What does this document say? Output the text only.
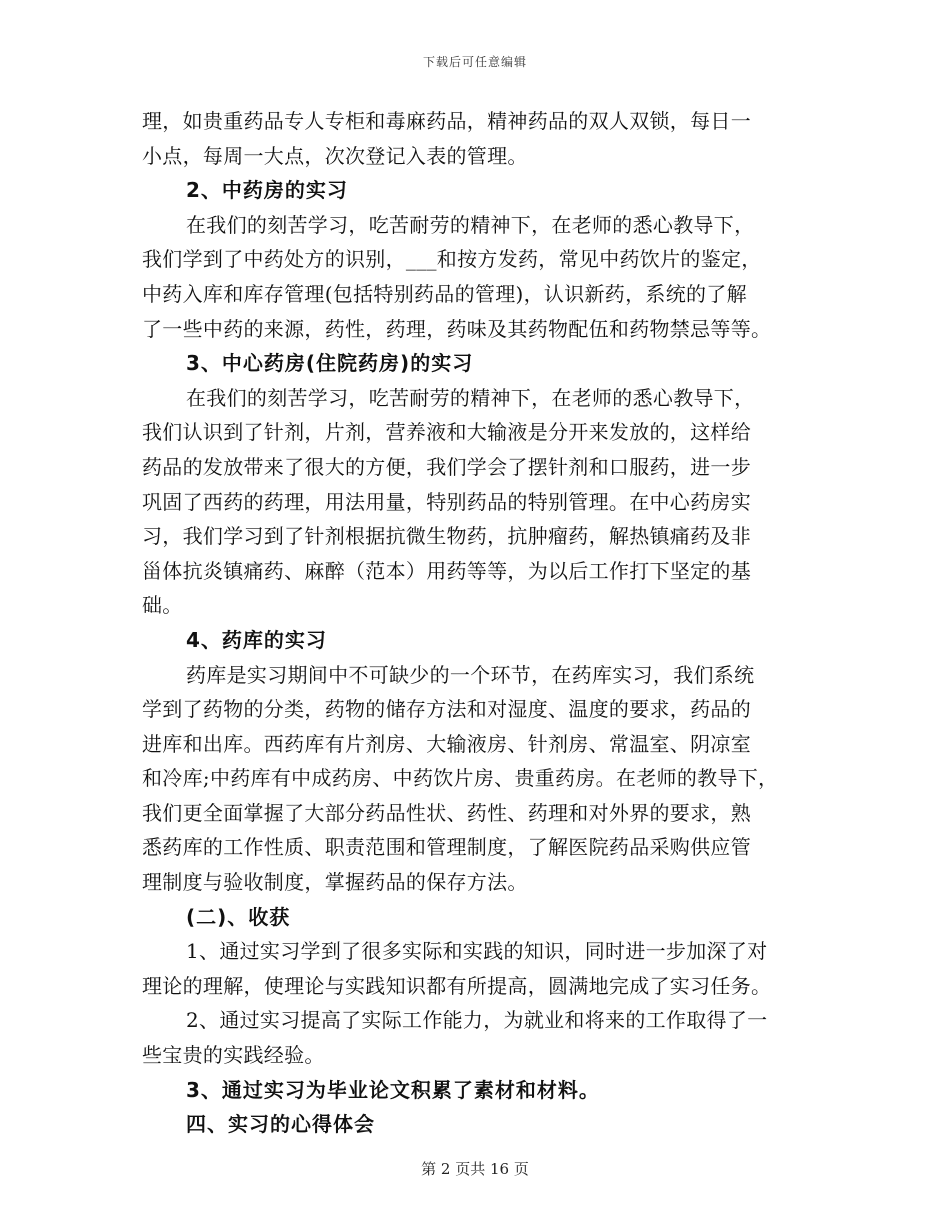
下载后可任意编辑
理，如贵重药品专人专柜和毒麻药品，精神药品的双人双锁，每日一
小点，每周一大点，次次登记入表的管理。
2、中药房的实习
在我们的刻苦学习，吃苦耐劳的精神下，在老师的悉心教导下，
我们学到了中药处方的识别，___和按方发药，常见中药饮片的鉴定，
中药入库和库存管理(包括特别药品的管理)，认识新药，系统的了解
了一些中药的来源，药性，药理，药味及其药物配伍和药物禁忌等等。
3、中心药房(住院药房)的实习
在我们的刻苦学习，吃苦耐劳的精神下，在老师的悉心教导下，
我们认识到了针剂，片剂，营养液和大输液是分开来发放的，这样给
药品的发放带来了很大的方便，我们学会了摆针剂和口服药，进一步
巩固了西药的药理，用法用量，特别药品的特别管理。在中心药房实
习，我们学习到了针剂根据抗微生物药，抗肿瘤药，解热镇痛药及非
甾体抗炎镇痛药、麻醉（范本）用药等等，为以后工作打下坚定的基
础。
4、药库的实习
药库是实习期间中不可缺少的一个环节，在药库实习，我们系统
学到了药物的分类，药物的储存方法和对湿度、温度的要求，药品的
进库和出库。西药库有片剂房、大输液房、针剂房、常温室、阴凉室
和冷库;中药库有中成药房、中药饮片房、贵重药房。在老师的教导下，
我们更全面掌握了大部分药品性状、药性、药理和对外界的要求，熟
悉药库的工作性质、职责范围和管理制度，了解医院药品采购供应管
理制度与验收制度，掌握药品的保存方法。
(二)、收获
1、通过实习学到了很多实际和实践的知识，同时进一步加深了对
理论的理解，使理论与实践知识都有所提高，圆满地完成了实习任务。
2、通过实习提高了实际工作能力，为就业和将来的工作取得了一
些宝贵的实践经验。
3、通过实习为毕业论文积累了素材和材料。
四、实习的心得体会
第 2 页共 16 页
